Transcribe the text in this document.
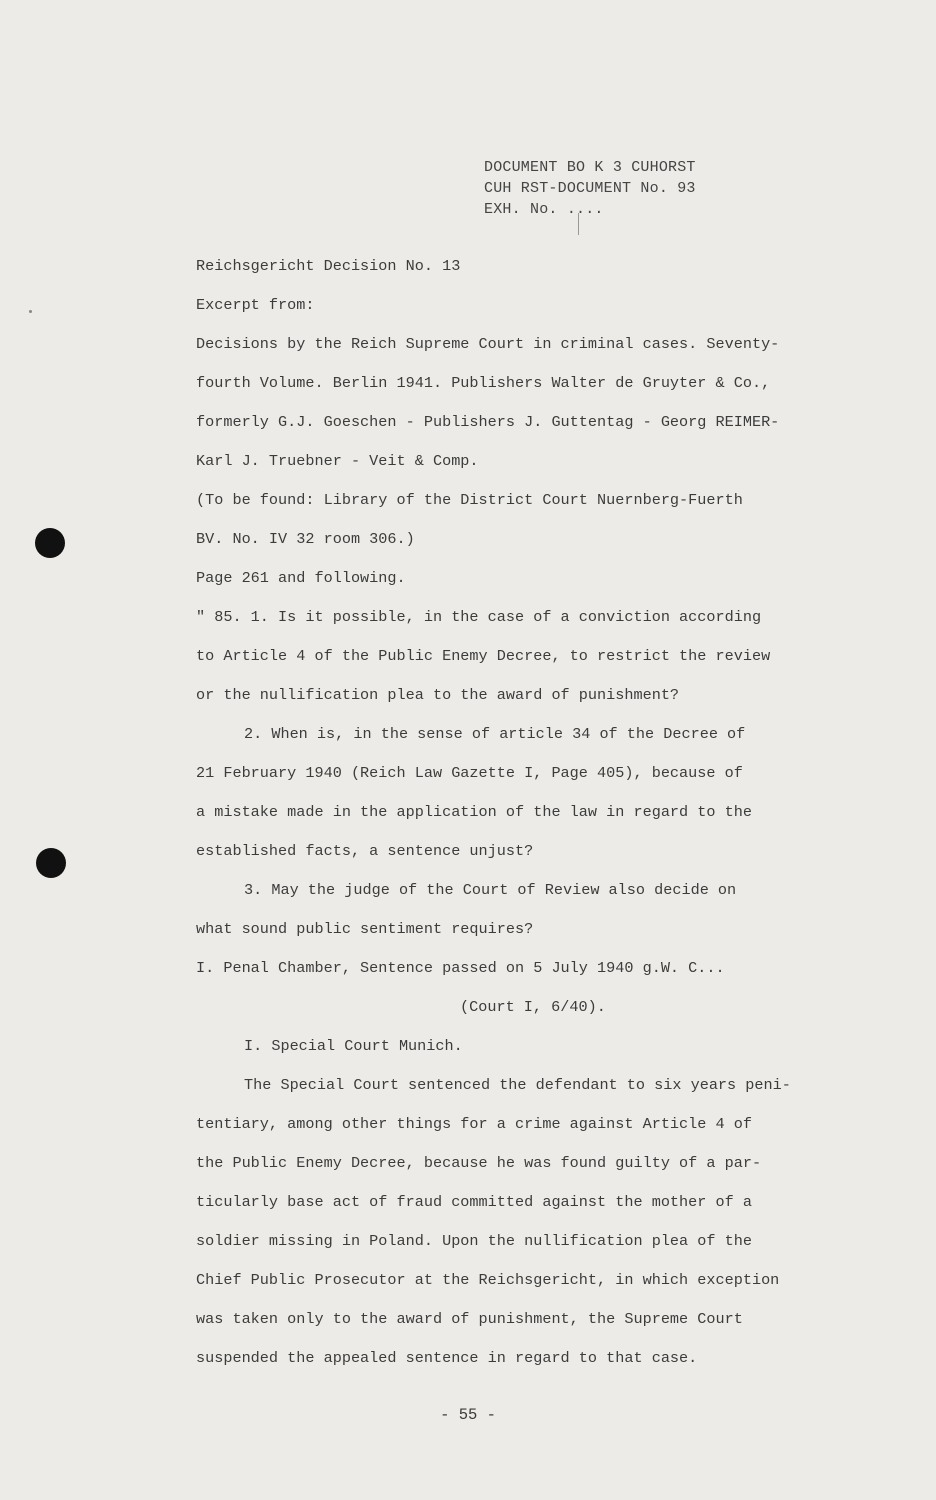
DOCUMENT BO K 3 CUHORST
CUH RST-DOCUMENT No. 93
EXH. No. ....
Reichsgericht Decision No. 13
Excerpt from:
Decisions by the Reich Supreme Court in criminal cases. Seventy-
fourth Volume. Berlin 1941. Publishers Walter de Gruyter & Co.,
formerly G.J. Goeschen - Publishers J. Guttentag - Georg REIMER-
Karl J. Truebner - Veit & Comp.
(To be found: Library of the District Court Nuernberg-Fuerth
BV. No. IV 32 room 306.)
Page 261 and following.
" 85. 1. Is it possible, in the case of a conviction according
to Article 4 of the Public Enemy Decree, to restrict the review
or the nullification plea to the award of punishment?
2. When is, in the sense of article 34 of the Decree of
21 February 1940 (Reich Law Gazette I, Page 405), because of
a mistake made in the application of the law in regard to the
established facts, a sentence unjust?
3. May the judge of the Court of Review also decide on
what sound public sentiment requires?
I. Penal Chamber, Sentence passed on 5 July 1940 g.W. C...
(Court I, 6/40).
I. Special Court Munich.
The Special Court sentenced the defendant to six years peni-
tentiary, among other things for a crime against Article 4 of
the Public Enemy Decree, because he was found guilty of a par-
ticularly base act of fraud committed against the mother of a
soldier missing in Poland. Upon the nullification plea of the
Chief Public Prosecutor at the Reichsgericht, in which exception
was taken only to the award of punishment, the Supreme Court
suspended the appealed sentence in regard to that case.
- 55 -
